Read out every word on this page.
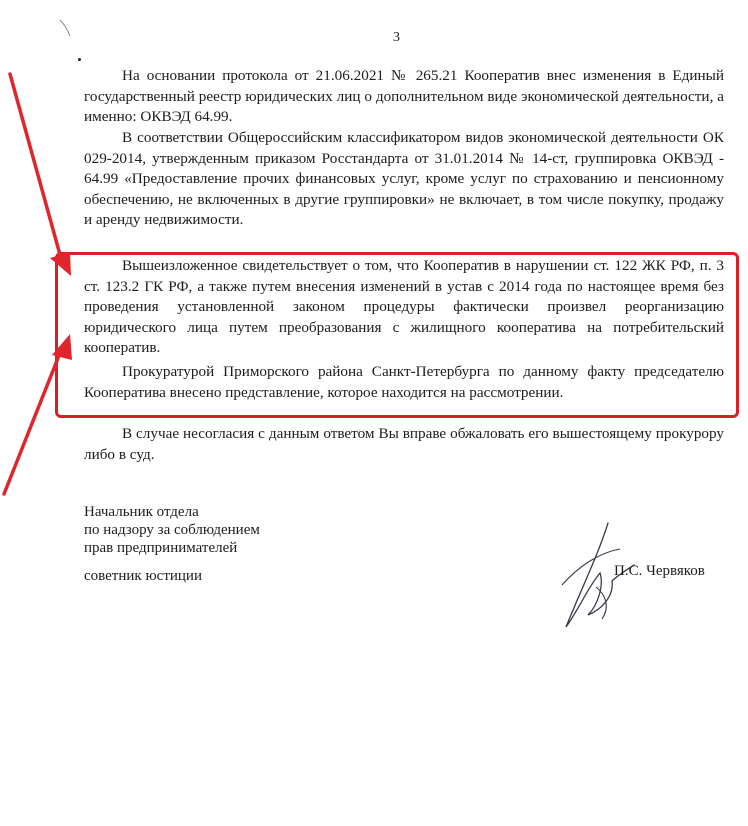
3

На основании протокола от 21.06.2021 № 265.21 Кооператив внес изменения в Единый государственный реестр юридических лиц о дополнительном виде экономической деятельности, а именно: ОКВЭД 64.99.

В соответствии Общероссийским классификатором видов экономической деятельности ОК 029-2014, утвержденным приказом Росстандарта от 31.01.2014 № 14-ст, группировка ОКВЭД - 64.99 «Предоставление прочих финансовых услуг, кроме услуг по страхованию и пенсионному обеспечению, не включенных в другие группировки» не включает, в том числе покупку, продажу и аренду недвижимости.

Вышеизложенное свидетельствует о том, что Кооператив в нарушении ст. 122 ЖК РФ, п. 3 ст. 123.2 ГК РФ, а также путем внесения изменений в устав с 2014 года по настоящее время без проведения установленной законом процедуры фактически произвел реорганизацию юридического лица путем преобразования с жилищного кооператива на потребительский кооператив.

Прокуратурой Приморского района Санкт-Петербурга по данному факту председателю Кооператива внесено представление, которое находится на рассмотрении.

В случае несогласия с данным ответом Вы вправе обжаловать его вышестоящему прокурору либо в суд.

Начальник отдела
по надзору за соблюдением
прав предпринимателей
советник юстиции	П.С. Червяков
